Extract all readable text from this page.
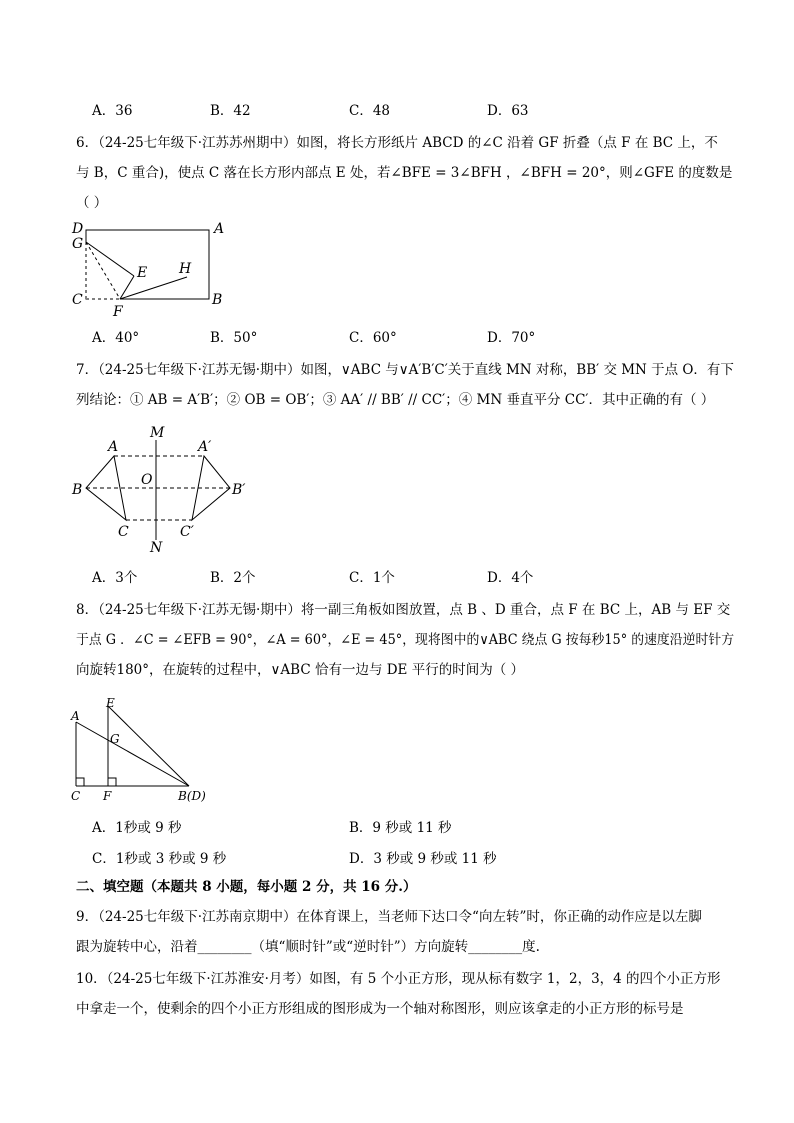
A．36	B．42	C．48	D．63
6．（24-25七年级下·江苏苏州期中）如图，将长方形纸片 ABCD 的∠C 沿着 GF 折叠（点 F 在 BC 上，不
与 B，C 重合)，使点 C 落在长方形内部点 E 处，若∠BFE = 3∠BFH ，∠BFH = 20°，则∠GFE 的度数是
（ ）
D	A
G
E H
C
F
B
A．40°	B．50°	C．60°	D．70°
7．（24-25七年级下·江苏无锡·期中）如图，∨ABC 与∨A′B′C′关于直线 MN 对称，BB′ 交 MN 于点 O．有下
列结论：① AB = A′B′；② OB = OB′；③ AA′ // BB′ // CC′；④ MN 垂直平分 CC′．其中正确的有（ ）
M
N
O
A	A′
B	B′
C	C′
A．3个	B．2个	C．1个	D．4个
8．（24-25七年级下·江苏无锡·期中）将一副三角板如图放置，点 B 、D 重合，点 F 在 BC 上，AB 与 EF 交
于点 G ．∠C = ∠EFB = 90°，∠A = 60°，∠E = 45°，现将图中的∨ABC 绕点 G 按每秒15° 的速度沿逆时针方
向旋转180°，在旋转的过程中，∨ABC 恰有一边与 DE 平行的时间为（ ）
A
E
G
C F	B(D)
A．1秒或 9 秒	B．9 秒或 11 秒
C．1秒或 3 秒或 9 秒	D．3 秒或 9 秒或 11 秒
二、填空题（本题共 8 小题，每小题 2 分，共 16 分.）
9．（24-25七年级下·江苏南京期中）在体育课上，当老师下达口令“向左转”时，你正确的动作应是以左脚
跟为旋转中心，沿着________（填“顺时针”或“逆时针”）方向旋转________度.
10．（24-25七年级下·江苏淮安·月考）如图，有 5 个小正方形，现从标有数字 1，2，3，4 的四个小正方形
中拿走一个，使剩余的四个小正方形组成的图形成为一个轴对称图形，则应该拿走的小正方形的标号是
